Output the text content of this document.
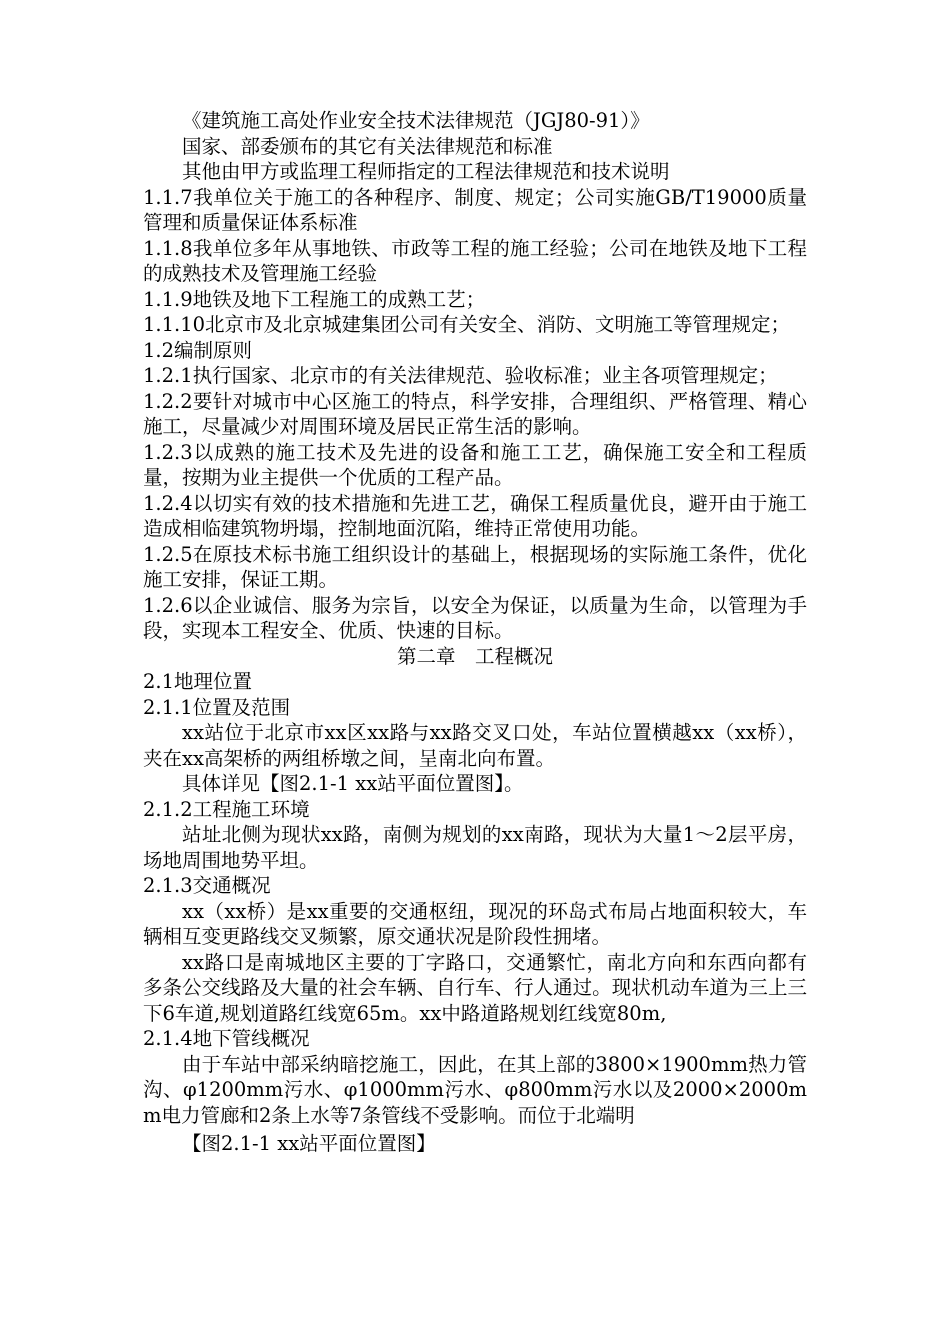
《建筑施工高处作业安全技术法律规范（JGJ80-91）》

国家、部委颁布的其它有关法律规范和标准

其他由甲方或监理工程师指定的工程法律规范和技术说明

1.1.7我单位关于施工的各种程序、制度、规定；公司实施GB/T19000质量管理和质量保证体系标准

1.1.8我单位多年从事地铁、市政等工程的施工经验；公司在地铁及地下工程的成熟技术及管理施工经验

1.1.9地铁及地下工程施工的成熟工艺；

1.1.10北京市及北京城建集团公司有关安全、消防、文明施工等管理规定；

1.2编制原则

1.2.1执行国家、北京市的有关法律规范、验收标准；业主各项管理规定；

1.2.2要针对城市中心区施工的特点，科学安排，合理组织、严格管理、精心施工，尽量减少对周围环境及居民正常生活的影响。

1.2.3以成熟的施工技术及先进的设备和施工工艺，确保施工安全和工程质量，按期为业主提供一个优质的工程产品。

1.2.4以切实有效的技术措施和先进工艺，确保工程质量优良，避开由于施工造成相临建筑物坍塌，控制地面沉陷，维持正常使用功能。

1.2.5在原技术标书施工组织设计的基础上，根据现场的实际施工条件，优化施工安排，保证工期。

1.2.6以企业诚信、服务为宗旨，以安全为保证，以质量为生命，以管理为手段，实现本工程安全、优质、快速的目标。

第二章　工程概况

2.1地理位置

2.1.1位置及范围

xx站位于北京市xx区xx路与xx路交叉口处，车站位置横越xx（xx桥），夹在xx高架桥的两组桥墩之间，呈南北向布置。

具体详见【图2.1-1 xx站平面位置图】。

2.1.2工程施工环境

站址北侧为现状xx路，南侧为规划的xx南路，现状为大量1～2层平房，场地周围地势平坦。

2.1.3交通概况

xx（xx桥）是xx重要的交通枢纽，现况的环岛式布局占地面积较大，车辆相互变更路线交叉频繁，原交通状况是阶段性拥堵。

xx路口是南城地区主要的丁字路口，交通繁忙，南北方向和东西向都有多条公交线路及大量的社会车辆、自行车、行人通过。现状机动车道为三上三下6车道,规划道路红线宽65m。xx中路道路规划红线宽80m,

2.1.4地下管线概况

由于车站中部采纳暗挖施工，因此，在其上部的3800×1900mm热力管沟、φ1200mm污水、φ1000mm污水、φ800mm污水以及2000×2000mm电力管廊和2条上水等7条管线不受影响。而位于北端明

【图2.1-1 xx站平面位置图】
